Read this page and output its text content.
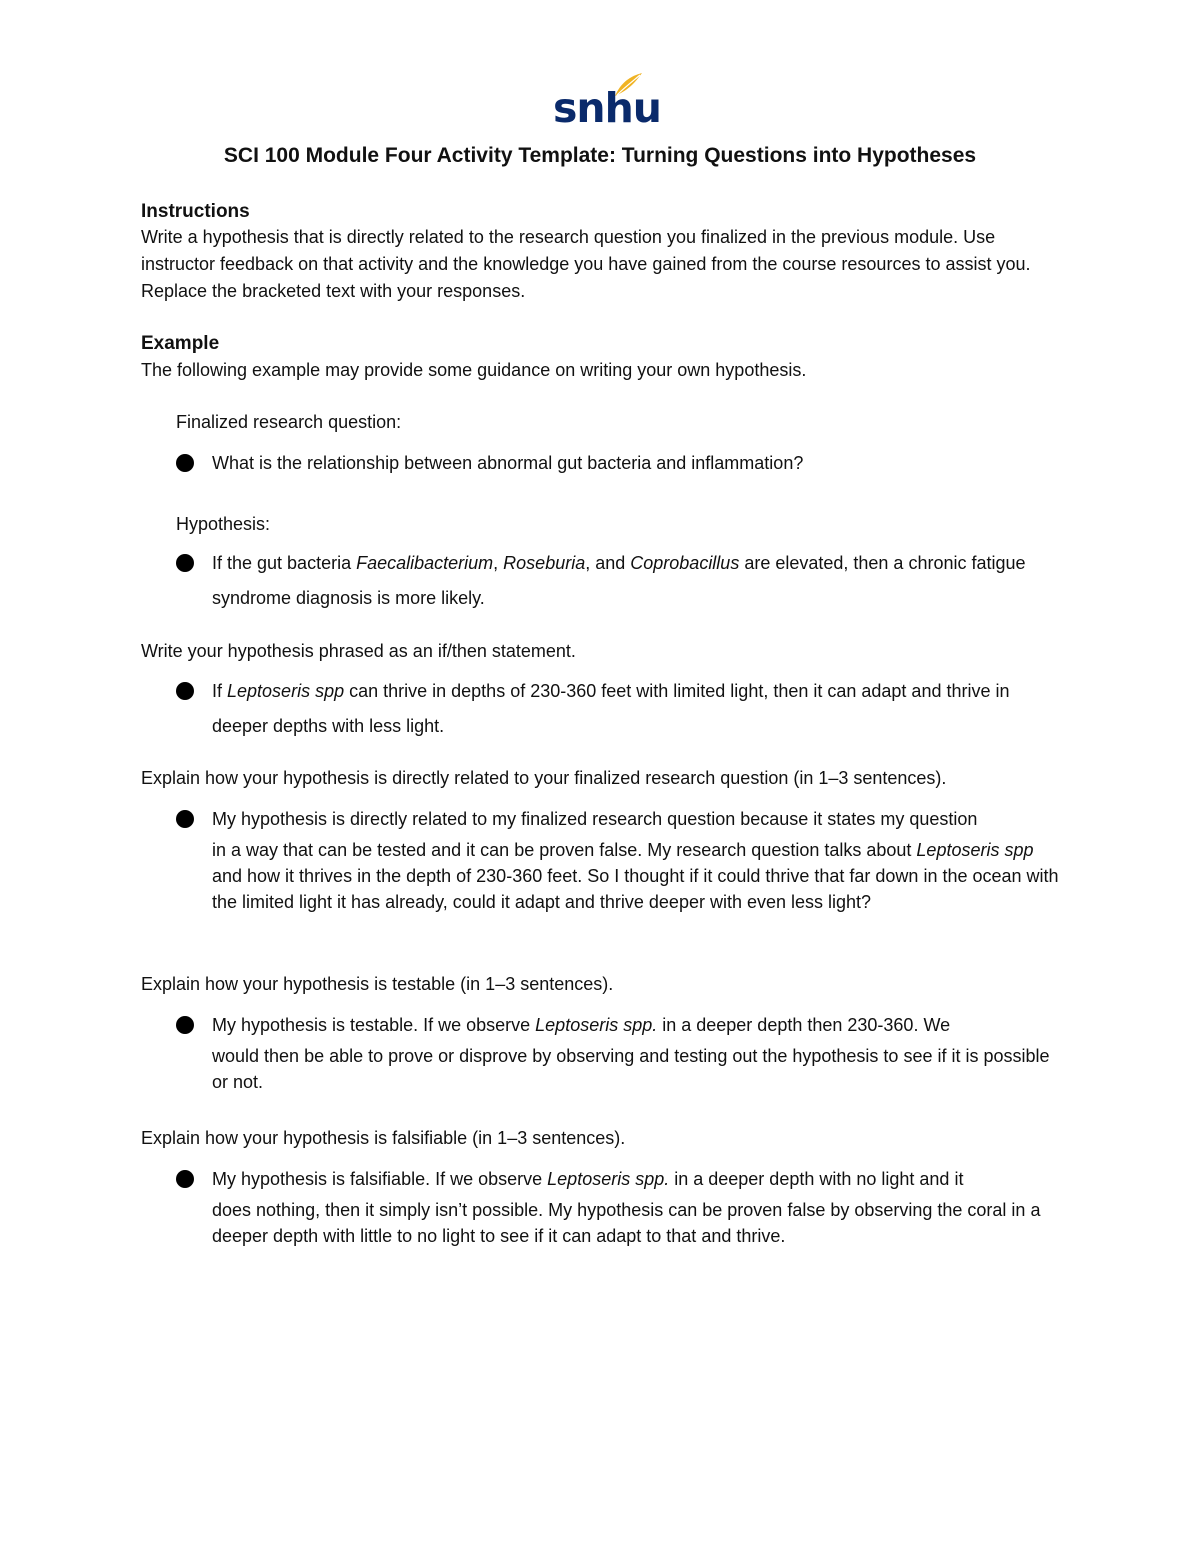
snhu
SCI 100 Module Four Activity Template: Turning Questions into Hypotheses
Instructions

Write a hypothesis that is directly related to the research question you finalized in the previous module. Use instructor feedback on that activity and the knowledge you have gained from the course resources to assist you. Replace the bracketed text with your responses.

Example

The following example may provide some guidance on writing your own hypothesis.

Finalized research question:

What is the relationship between abnormal gut bacteria and inflammation?

Hypothesis:

If the gut bacteria Faecalibacterium, Roseburia, and Coprobacillus are elevated, then a chronic fatigue syndrome diagnosis is more likely.

Write your hypothesis phrased as an if/then statement.

If Leptoseris spp can thrive in depths of 230-360 feet with limited light, then it can adapt and thrive in deeper depths with less light.

Explain how your hypothesis is directly related to your finalized research question (in 1–3 sentences).

My hypothesis is directly related to my finalized research question because it states my question
in a way that can be tested and it can be proven false. My research question talks about Leptoseris spp and how it thrives in the depth of 230-360 feet. So I thought if it could thrive that far down in the ocean with the limited light it has already, could it adapt and thrive deeper with even less light?

Explain how your hypothesis is testable (in 1–3 sentences).

My hypothesis is testable. If we observe Leptoseris spp. in a deeper depth then 230-360. We
would then be able to prove or disprove by observing and testing out the hypothesis to see if it is possible or not.

Explain how your hypothesis is falsifiable (in 1–3 sentences).

My hypothesis is falsifiable. If we observe Leptoseris spp. in a deeper depth with no light and it
does nothing, then it simply isn’t possible. My hypothesis can be proven false by observing the coral in a deeper depth with little to no light to see if it can adapt to that and thrive.
